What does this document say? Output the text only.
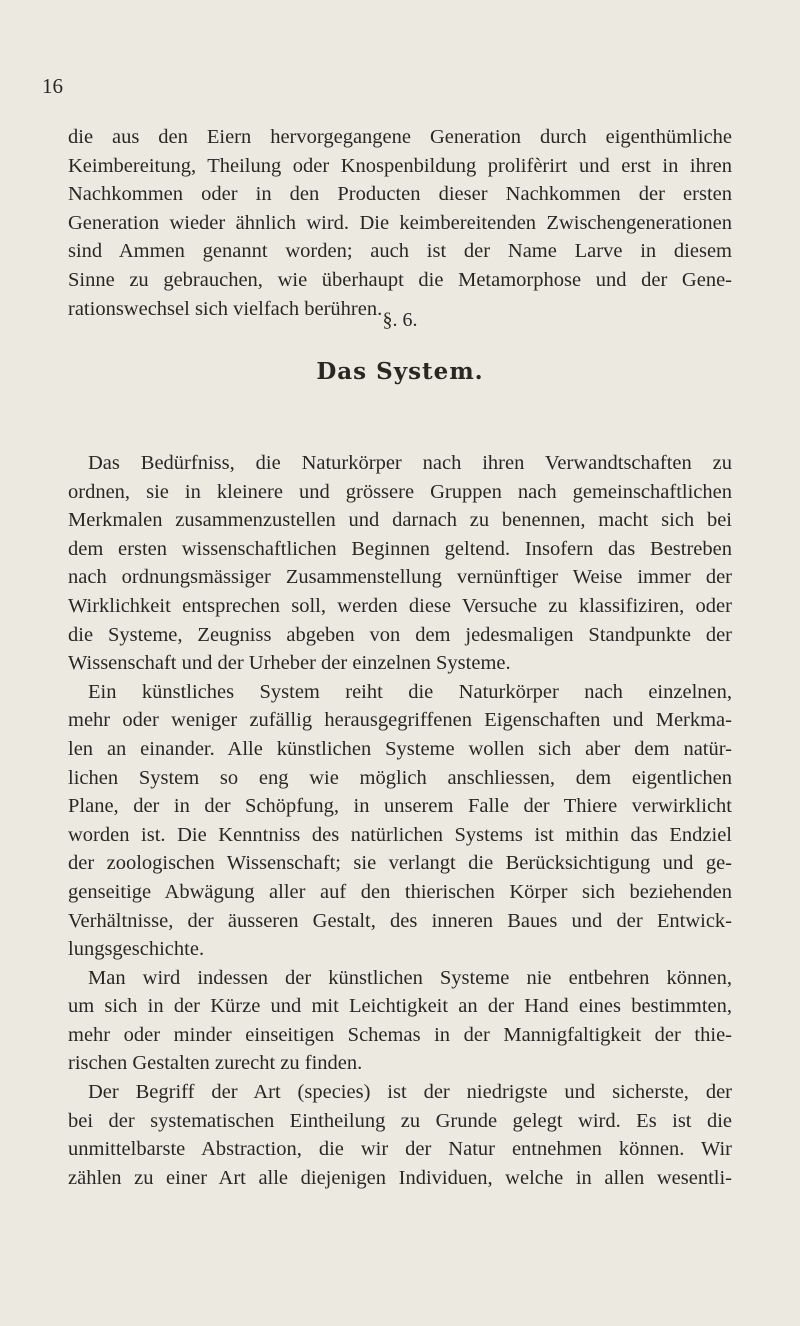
16
die aus den Eiern hervorgegangene Generation durch eigenthümliche
Keimbereitung, Theilung oder Knospenbildung prolifèrirt und erst in ihren
Nachkommen oder in den Producten dieser Nachkommen der ersten
Generation wieder ähnlich wird. Die keimbereitenden Zwischengenerationen
sind Ammen genannt worden; auch ist der Name Larve in diesem
Sinne zu gebrauchen, wie überhaupt die Metamorphose und der Gene-
rationswechsel sich vielfach berühren.
§. 6.
Das System.
Das Bedürfniss, die Naturkörper nach ihren Verwandtschaften zu
ordnen, sie in kleinere und grössere Gruppen nach gemeinschaftlichen
Merkmalen zusammenzustellen und darnach zu benennen, macht sich bei
dem ersten wissenschaftlichen Beginnen geltend. Insofern das Bestreben
nach ordnungsmässiger Zusammenstellung vernünftiger Weise immer der
Wirklichkeit entsprechen soll, werden diese Versuche zu klassifiziren, oder
die Systeme, Zeugniss abgeben von dem jedesmaligen Standpunkte der
Wissenschaft und der Urheber der einzelnen Systeme.
Ein künstliches System reiht die Naturkörper nach einzelnen,
mehr oder weniger zufällig herausgegriffenen Eigenschaften und Merkma-
len an einander. Alle künstlichen Systeme wollen sich aber dem natür-
lichen System so eng wie möglich anschliessen, dem eigentlichen
Plane, der in der Schöpfung, in unserem Falle der Thiere verwirklicht
worden ist. Die Kenntniss des natürlichen Systems ist mithin das Endziel
der zoologischen Wissenschaft; sie verlangt die Berücksichtigung und ge-
genseitige Abwägung aller auf den thierischen Körper sich beziehenden
Verhältnisse, der äusseren Gestalt, des inneren Baues und der Entwick-
lungsgeschichte.
Man wird indessen der künstlichen Systeme nie entbehren können,
um sich in der Kürze und mit Leichtigkeit an der Hand eines bestimmten,
mehr oder minder einseitigen Schemas in der Mannigfaltigkeit der thie-
rischen Gestalten zurecht zu finden.
Der Begriff der Art (species) ist der niedrigste und sicherste, der
bei der systematischen Eintheilung zu Grunde gelegt wird. Es ist die
unmittelbarste Abstraction, die wir der Natur entnehmen können. Wir
zählen zu einer Art alle diejenigen Individuen, welche in allen wesentli-
